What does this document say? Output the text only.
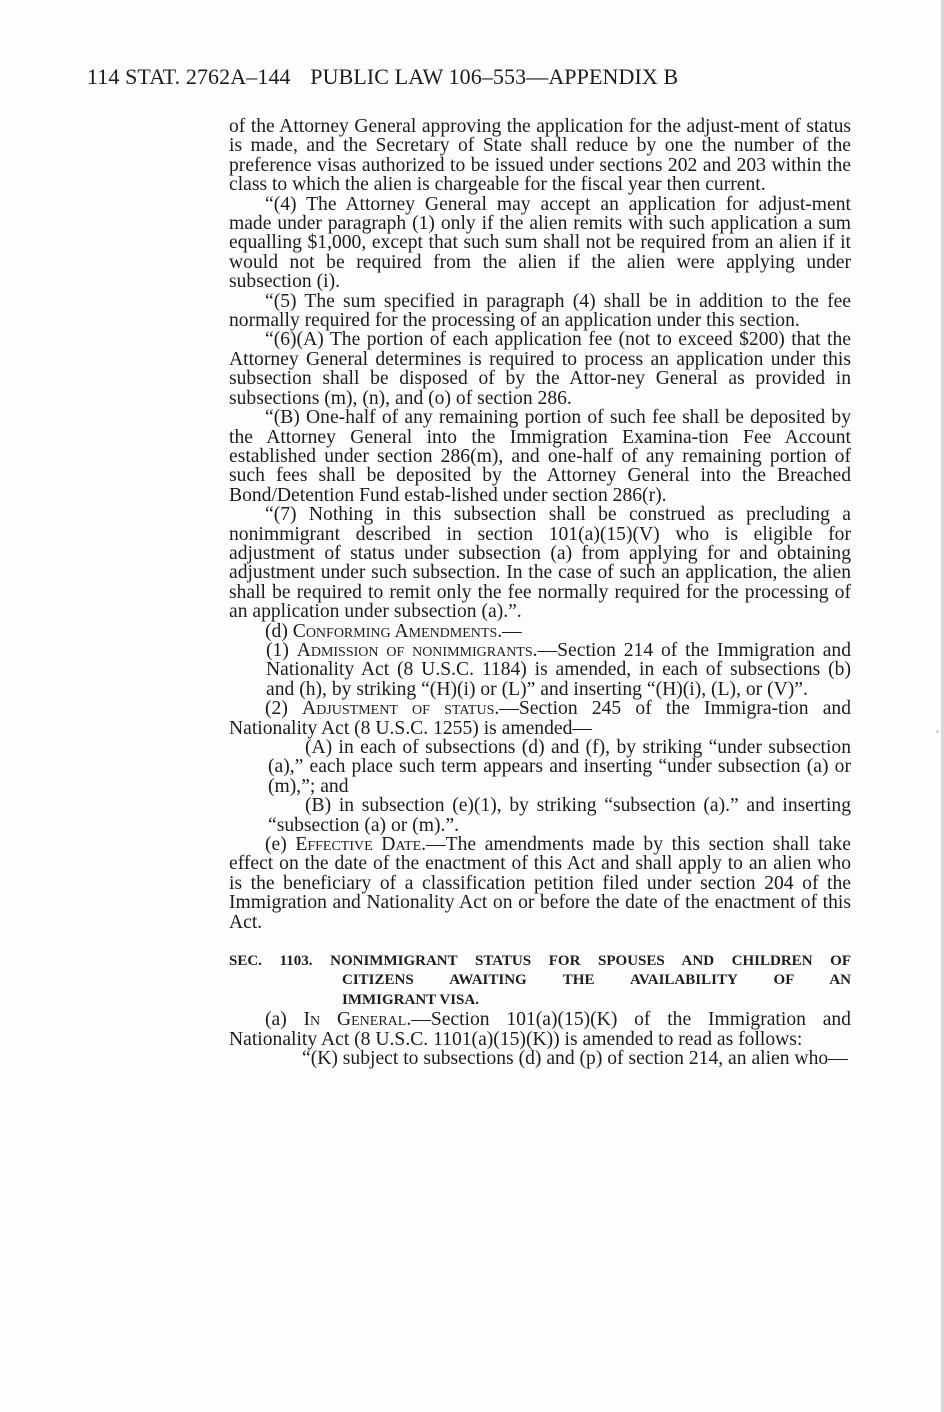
114 STAT. 2762A–144 PUBLIC LAW 106–553—APPENDIX B

of the Attorney General approving the application for the adjust-ment of status is made, and the Secretary of State shall reduce by one the number of the preference visas authorized to be issued under sections 202 and 203 within the class to which the alien is chargeable for the fiscal year then current.

“(4) The Attorney General may accept an application for adjust-ment made under paragraph (1) only if the alien remits with such application a sum equalling $1,000, except that such sum shall not be required from an alien if it would not be required from the alien if the alien were applying under subsection (i).

“(5) The sum specified in paragraph (4) shall be in addition to the fee normally required for the processing of an application under this section.

“(6)(A) The portion of each application fee (not to exceed $200) that the Attorney General determines is required to process an application under this subsection shall be disposed of by the Attor-ney General as provided in subsections (m), (n), and (o) of section 286.

“(B) One-half of any remaining portion of such fee shall be deposited by the Attorney General into the Immigration Examina-tion Fee Account established under section 286(m), and one-half of any remaining portion of such fees shall be deposited by the Attorney General into the Breached Bond/Detention Fund estab-lished under section 286(r).

“(7) Nothing in this subsection shall be construed as precluding a nonimmigrant described in section 101(a)(15)(V) who is eligible for adjustment of status under subsection (a) from applying for and obtaining adjustment under such subsection. In the case of such an application, the alien shall be required to remit only the fee normally required for the processing of an application under subsection (a).”.

(d) Conforming Amendments.—

(1) Admission of nonimmigrants.—Section 214 of the Immigration and Nationality Act (8 U.S.C. 1184) is amended, in each of subsections (b) and (h), by striking “(H)(i) or (L)” and inserting “(H)(i), (L), or (V)”.

(2) Adjustment of status.—Section 245 of the Immigra-tion and Nationality Act (8 U.S.C. 1255) is amended—

(A) in each of subsections (d) and (f), by striking “under subsection (a),” each place such term appears and inserting “under subsection (a) or (m),”; and

(B) in subsection (e)(1), by striking “subsection (a).” and inserting “subsection (a) or (m).”.

(e) Effective Date.—The amendments made by this section shall take effect on the date of the enactment of this Act and shall apply to an alien who is the beneficiary of a classification petition filed under section 204 of the Immigration and Nationality Act on or before the date of the enactment of this Act.

SEC. 1103. NONIMMIGRANT STATUS FOR SPOUSES AND CHILDREN OF
CITIZENS AWAITING THE AVAILABILITY OF AN
IMMIGRANT VISA.

(a) In General.—Section 101(a)(15)(K) of the Immigration and Nationality Act (8 U.S.C. 1101(a)(15)(K)) is amended to read as follows:

“(K) subject to subsections (d) and (p) of section 214, an alien who—
